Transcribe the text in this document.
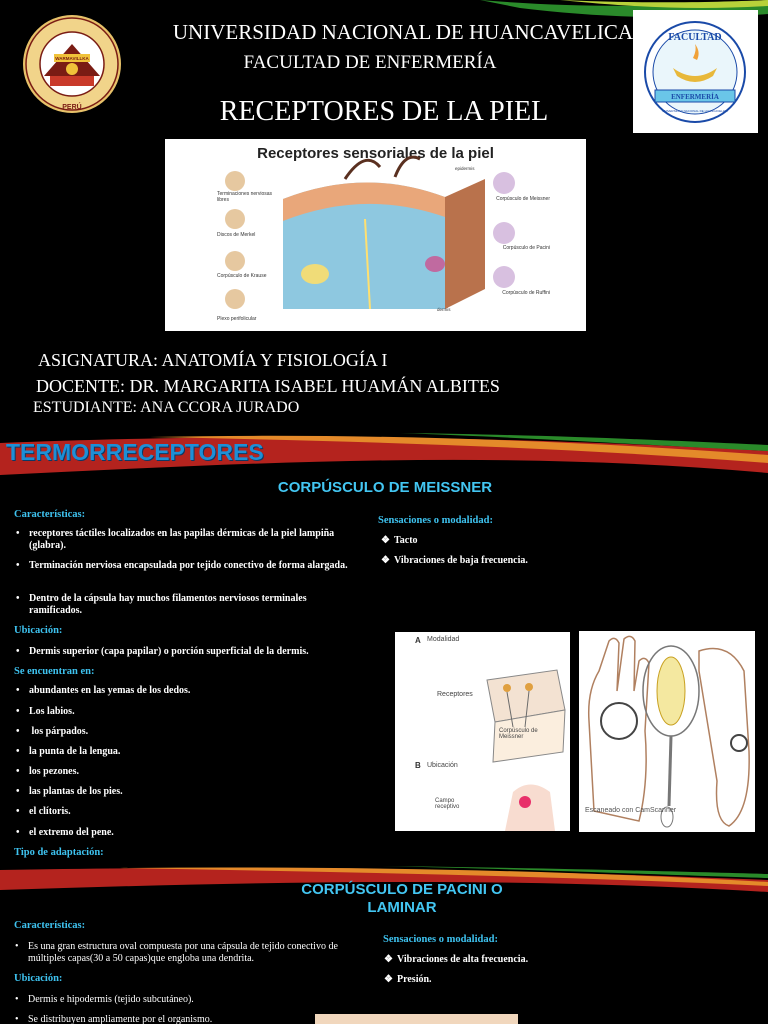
WARMAVILLKA
PERÚ
UNIVERSIDAD NACIONAL DE HUANCAVELICA
FACULTAD DE ENFERMERÍA
RECEPTORES DE LA PIEL
FACULTAD
ENFERMERÍA
UNIVERSIDAD NACIONAL DE HUANCAVELICA
Receptores sensoriales de la piel
Terminaciones nerviosas libres
Discos de Merkel
Corpúsculo de Krause
Plexo perifolicular
Corpúsculo de Meissner
Corpúsculo de Pacini
Corpúsculo de Ruffini
epidermis
dermis
ASIGNATURA: ANATOMÍA Y FISIOLOGÍA I
DOCENTE: DR. MARGARITA ISABEL HUAMÁN ALBITES
ESTUDIANTE: ANA CCORA JURADO
TERMORRECEPTORES
CORPÚSCULO DE MEISSNER
Características:
• receptores táctiles localizados en las papilas dérmicas de la piel lampiña (glabra).
• Terminación nerviosa encapsulada por tejido conectivo de forma alargada.
• Dentro de la cápsula hay muchos filamentos nerviosos terminales ramificados.
Ubicación:
• Dermis superior (capa papilar) o porción superficial de la dermis.
Se encuentran en:
• abundantes en las yemas de los dedos.
• Los labios.
• los párpados.
• la punta de la lengua.
• los pezones.
• las plantas de los pies.
• el clítoris.
• el extremo del pene.
Tipo de adaptación:
Sensaciones o modalidad:
❖ Tacto
❖ Vibraciones de baja frecuencia.
A Modalidad
Receptores
Corpúsculo de Meissner
B Ubicación
Campo receptivo	Escaneado con CamScanner
CORPÚSCULO DE PACINI O
LAMINAR
Características:
• Es una gran estructura oval compuesta por una cápsula de tejido conectivo de múltiples capas(30 a 50 capas)que engloba una dendrita.
Ubicación:
• Dermis e hipodermis (tejido subcutáneo).
• Se distribuyen ampliamente por el organismo.
Sensaciones o modalidad:
❖ Vibraciones de alta frecuencia.
❖ Presión.
